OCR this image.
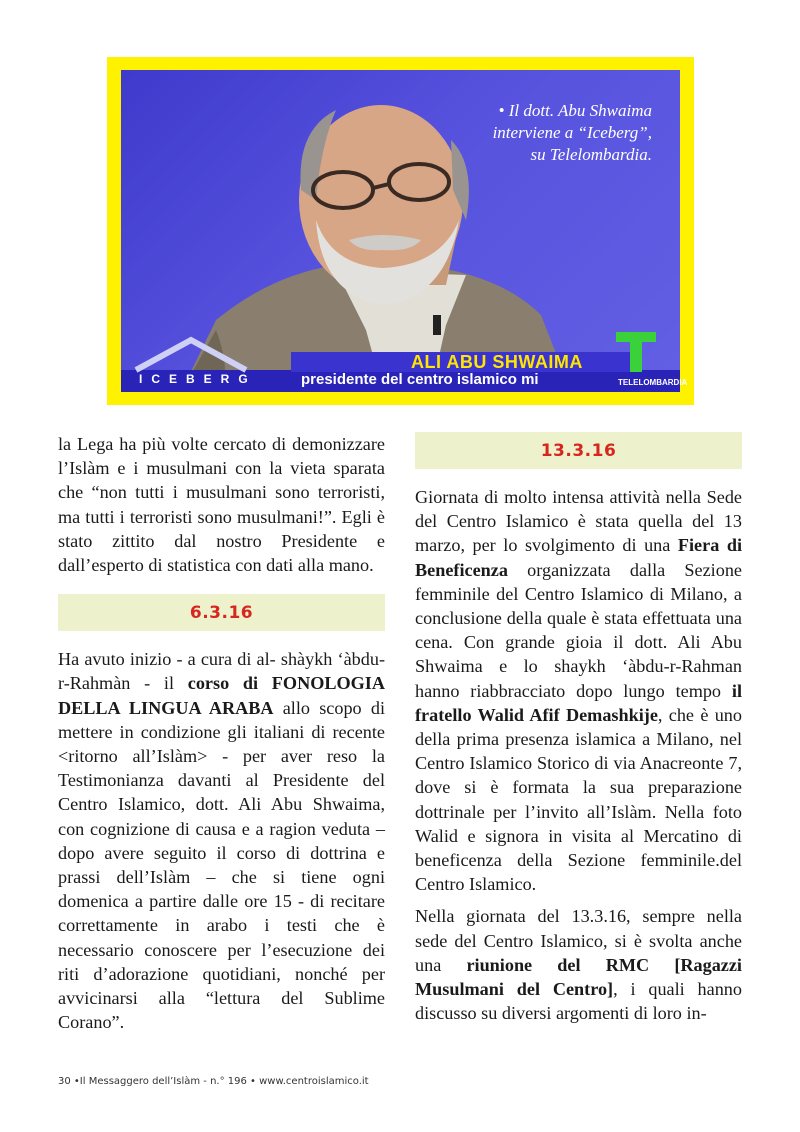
• Il dott. Abu Shwaima
interviene a “Iceberg”,
su Telelombardia.
ALI ABU SHWAIMA
presidente del centro islamico mi
ICEBERG	TELELOMBARDIA

la Lega ha più volte cercato di demonizzare l’Islàm e i musulmani con la vieta sparata che “non tutti i musulmani sono terroristi, ma tutti i terroristi sono musulmani!”. Egli è stato zittito dal nostro Presidente e dall’esperto di statistica con dati alla mano.

6.3.16

Ha avuto inizio - a cura di al- shàykh ‘àbdu-r-Rahmàn - il corso di FONOLOGIA DELLA LINGUA ARABA allo scopo di mettere in condizione gli italiani di recente <ritorno all’Islàm> - per aver reso la Testimonianza davanti al Presidente del Centro Islamico, dott. Ali Abu Shwaima, con cognizione di causa e a ragion veduta – dopo avere seguito il corso di dottrina e prassi dell’Islàm – che si tiene ogni domenica a partire dalle ore 15 - di recitare correttamente in arabo i testi che è necessario conoscere per l’esecuzione dei riti d’adorazione quotidiani, nonché per avvicinarsi alla “lettura del Sublime Corano”.

13.3.16

Giornata di molto intensa attività nella Sede del Centro Islamico è stata quella del 13 marzo, per lo svolgimento di una Fiera di Beneficenza organizzata dalla Sezione femminile del Centro Islamico di Milano, a conclusione della quale è stata effettuata una cena. Con grande gioia il dott. Ali Abu Shwaima e lo shaykh ‘àbdu-r-Rahman hanno riabbracciato dopo lungo tempo il fratello Walid Afif Demashkije, che è uno della prima presenza islamica a Milano, nel Centro Islamico Storico di via Anacreonte 7, dove si è formata la sua preparazione dottrinale per l’invito all’Islàm. Nella foto Walid e signora in visita al Mercatino di beneficenza della Sezione femminile.del Centro Islamico.

Nella giornata del 13.3.16, sempre nella sede del Centro Islamico, si è svolta anche una riunione del RMC [Ragazzi Musulmani del Centro], i quali hanno discusso su diversi argomenti di loro in-

30 •Il Messaggero dell’Islàm - n.° 196 • www.centroislamico.it
